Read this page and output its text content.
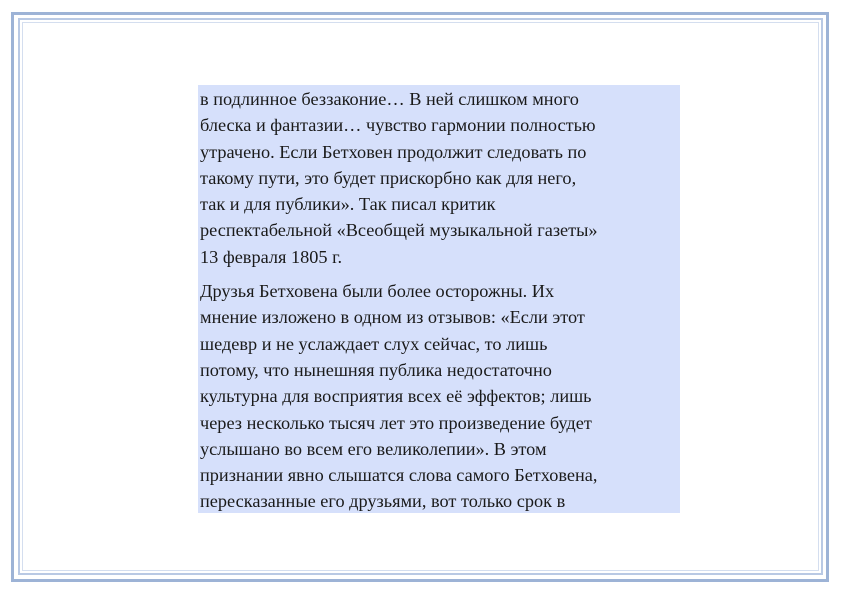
в подлинное беззаконие… В ней слишком много
блеска и фантазии… чувство гармонии полностью
утрачено. Если Бетховен продолжит следовать по
такому пути, это будет прискорбно как для него,
так и для публики». Так писал критик
респектабельной «Всеобщей музыкальной газеты»
13 февраля 1805 г.

Друзья Бетховена были более осторожны. Их
мнение изложено в одном из отзывов: «Если этот
шедевр и не услаждает слух сейчас, то лишь
потому, что нынешняя публика недостаточно
культурна для восприятия всех её эффектов; лишь
через несколько тысяч лет это произведение будет
услышано во всем его великолепии». В этом
признании явно слышатся слова самого Бетховена,
пересказанные его друзьями, вот только срок в
